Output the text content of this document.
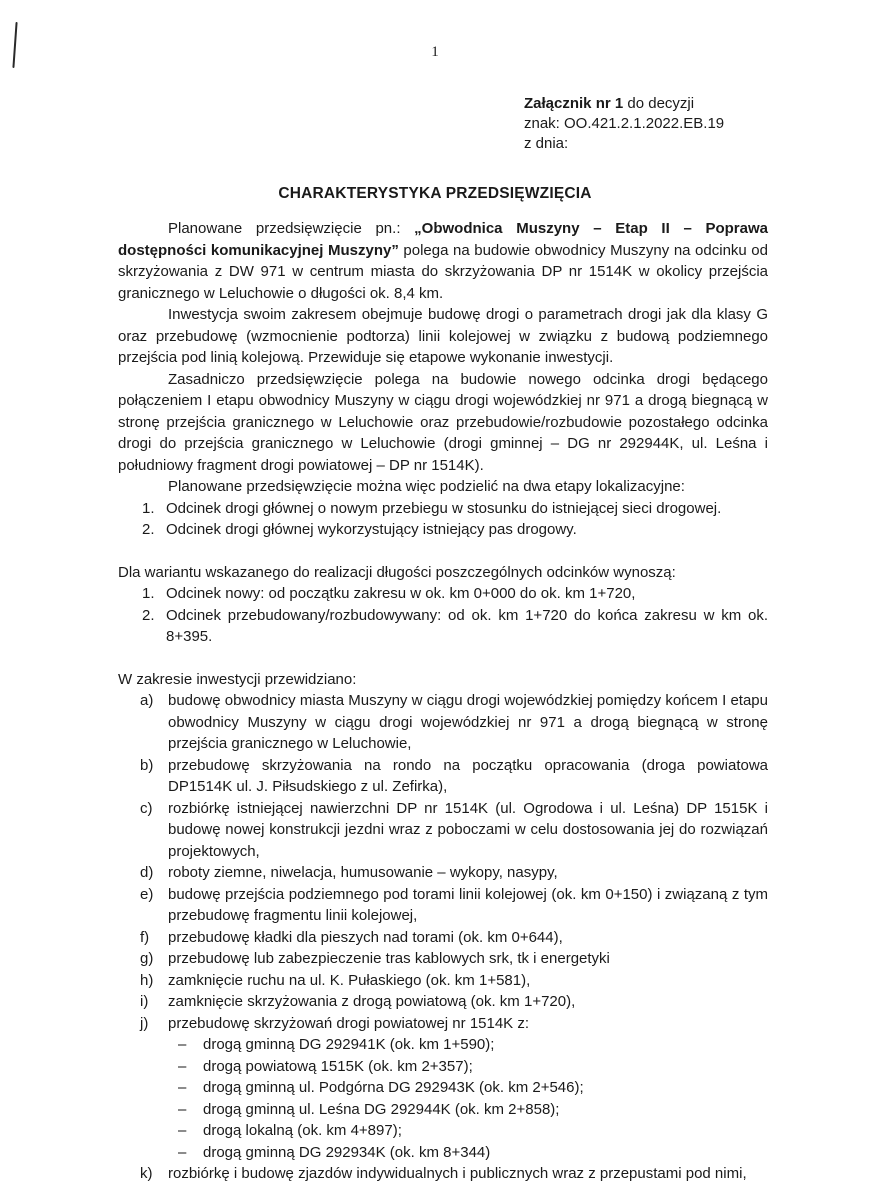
1
Załącznik nr 1 do decyzji
znak: OO.421.2.1.2022.EB.19
z dnia:
CHARAKTERYSTYKA PRZEDSIĘWZIĘCIA

Planowane przedsięwzięcie pn.: „Obwodnica Muszyny – Etap II – Poprawa dostępności komunikacyjnej Muszyny” polega na budowie obwodnicy Muszyny na odcinku od skrzyżowania z DW 971 w centrum miasta do skrzyżowania DP nr 1514K w okolicy przejścia granicznego w Leluchowie o długości ok. 8,4 km.

Inwestycja swoim zakresem obejmuje budowę drogi o parametrach drogi jak dla klasy G oraz przebudowę (wzmocnienie podtorza) linii kolejowej w związku z budową podziemnego przejścia pod linią kolejową. Przewiduje się etapowe wykonanie inwestycji.

Zasadniczo przedsięwzięcie polega na budowie nowego odcinka drogi będącego połączeniem I etapu obwodnicy Muszyny w ciągu drogi wojewódzkiej nr 971 a drogą biegnącą w stronę przejścia granicznego w Leluchowie oraz przebudowie/rozbudowie pozostałego odcinka drogi do przejścia granicznego w Leluchowie (drogi gminnej – DG nr 292944K, ul. Leśna i południowy fragment drogi powiatowej – DP nr 1514K).

Planowane przedsięwzięcie można więc podzielić na dwa etapy lokalizacyjne:

1. Odcinek drogi głównej o nowym przebiegu w stosunku do istniejącej sieci drogowej.
2. Odcinek drogi głównej wykorzystujący istniejący pas drogowy.

Dla wariantu wskazanego do realizacji długości poszczególnych odcinków wynoszą:

1. Odcinek nowy: od początku zakresu w ok. km 0+000 do ok. km 1+720,
2. Odcinek przebudowany/rozbudowywany: od ok. km 1+720 do końca zakresu w km ok. 8+395.

W zakresie inwestycji przewidziano:

a) budowę obwodnicy miasta Muszyny w ciągu drogi wojewódzkiej pomiędzy końcem I etapu obwodnicy Muszyny w ciągu drogi wojewódzkiej nr 971 a drogą biegnącą w stronę przejścia granicznego w Leluchowie,
b) przebudowę skrzyżowania na rondo na początku opracowania (droga powiatowa DP1514K ul. J. Piłsudskiego z ul. Zefirka),
c) rozbiórkę istniejącej nawierzchni DP nr 1514K (ul. Ogrodowa i ul. Leśna) DP 1515K i budowę nowej konstrukcji jezdni wraz z poboczami w celu dostosowania jej do rozwiązań projektowych,
d) roboty ziemne, niwelacja, humusowanie – wykopy, nasypy,
e) budowę przejścia podziemnego pod torami linii kolejowej (ok. km 0+150) i związaną z tym przebudowę fragmentu linii kolejowej,
f) przebudowę kładki dla pieszych nad torami (ok. km 0+644),
g) przebudowę lub zabezpieczenie tras kablowych srk, tk i energetyki
h) zamknięcie ruchu na ul. K. Pułaskiego (ok. km 1+581),
i) zamknięcie skrzyżowania z drogą powiatową (ok. km 1+720),
j) przebudowę skrzyżowań drogi powiatowej nr 1514K z:
– drogą gminną DG 292941K (ok. km 1+590);
– drogą powiatową 1515K (ok. km 2+357);
– drogą gminną ul. Podgórna DG 292943K (ok. km 2+546);
– drogą gminną ul. Leśna DG 292944K (ok. km 2+858);
– drogą lokalną (ok. km 4+897);
– drogą gminną DG 292934K (ok. km 8+344)
k) rozbiórkę i budowę zjazdów indywidualnych i publicznych wraz z przepustami pod nimi,
